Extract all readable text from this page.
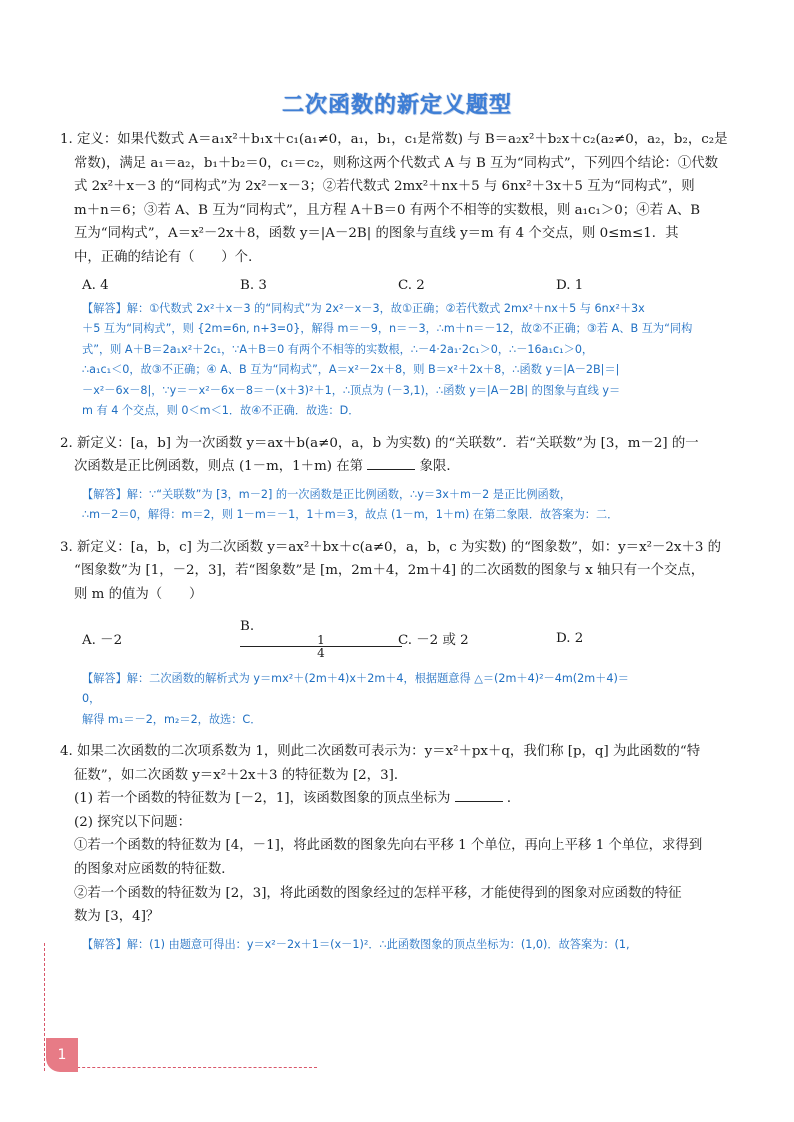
二次函数的新定义题型
1. 定义：如果代数式 A＝a₁x²＋b₁x＋c₁(a₁≠0，a₁，b₁，c₁是常数) 与 B＝a₂x²＋b₂x＋c₂(a₂≠0，a₂，b₂，c₂是
常数)，满足 a₁＝a₂，b₁＋b₂＝0，c₁＝c₂，则称这两个代数式 A 与 B 互为“同构式”，下列四个结论：①代数
式 2x²＋x－3 的“同构式”为 2x²－x－3；②若代数式 2mx²＋nx＋5 与 6nx²＋3x＋5 互为“同构式”，则
m＋n＝6；③若 A、B 互为“同构式”，且方程 A＋B＝0 有两个不相等的实数根，则 a₁c₁＞0；④若 A、B
互为“同构式”，A＝x²－2x＋8，函数 y＝|A－2B| 的图象与直线 y＝m 有 4 个交点，则 0≤m≤1．其
中，正确的结论有（　　）个．
A. 4	B. 3	C. 2	D. 1
【解答】解：①代数式 2x²＋x－3 的“同构式”为 2x²－x－3，故①正确；②若代数式 2mx²＋nx＋5 与 6nx²＋3x
＋5 互为“同构式”，则 {2m=6n, n+3=0}，解得 m＝－9，n＝－3，∴m＋n＝－12，故②不正确；③若 A、B 互为“同构
式”，则 A＋B＝2a₁x²＋2c₁，∵A＋B＝0 有两个不相等的实数根，∴－4·2a₁·2c₁＞0，∴－16a₁c₁＞0，
∴a₁c₁＜0，故③不正确；④ A、B 互为“同构式”，A＝x²－2x＋8，则 B＝x²＋2x＋8，∴函数 y＝|A－2B|＝|
－x²－6x－8|，∵y＝－x²－6x－8＝－(x＋3)²＋1，∴顶点为 (－3,1)，∴函数 y＝|A－2B| 的图象与直线 y＝
m 有 4 个交点，则 0＜m＜1．故④不正确．故选：D．
2. 新定义：[a，b] 为一次函数 y＝ax＋b(a≠0，a，b 为实数) 的“关联数”．若“关联数”为 [3，m－2] 的一
次函数是正比例函数，则点 (1－m，1＋m) 在第	象限．
【解答】解：∵“关联数”为 [3，m－2] 的一次函数是正比例函数，∴y＝3x＋m－2 是正比例函数，
∴m－2＝0，解得：m＝2，则 1－m＝－1，1＋m＝3，故点 (1－m，1＋m) 在第二象限．故答案为：二．
3. 新定义：[a，b，c] 为二次函数 y＝ax²＋bx＋c(a≠0，a，b，c 为实数) 的“图象数”，如：y＝x²－2x＋3 的
“图象数”为 [1，－2，3]，若“图象数”是 [m，2m＋4，2m＋4] 的二次函数的图象与 x 轴只有一个交点，
则 m 的值为（　　）
A. －2
B.
$\frac{1}{4} C$. －2 或 2	D. 2
【解答】解：二次函数的解析式为 y＝mx²＋(2m＋4)x＋2m＋4，根据题意得 △＝(2m＋4)²－4m(2m＋4)＝
0，
解得 m₁＝－2，m₂＝2，故选：C．
4. 如果二次函数的二次项系数为 1，则此二次函数可表示为：y＝x²＋px＋q，我们称 [p，q] 为此函数的“特
征数”，如二次函数 y＝x²＋2x＋3 的特征数为 [2，3]．
(1) 若一个函数的特征数为 [－2，1]，该函数图象的顶点坐标为	．
(2) 探究以下问题：
①若一个函数的特征数为 [4，－1]，将此函数的图象先向右平移 1 个单位，再向上平移 1 个单位，求得到
的图象对应函数的特征数．
②若一个函数的特征数为 [2，3]，将此函数的图象经过的怎样平移，才能使得到的图象对应函数的特征
数为 [3，4]？
【解答】解：(1) 由题意可得出：y＝x²－2x＋1＝(x－1)²．∴此函数图象的顶点坐标为：(1,0)．故答案为：(1,
1
